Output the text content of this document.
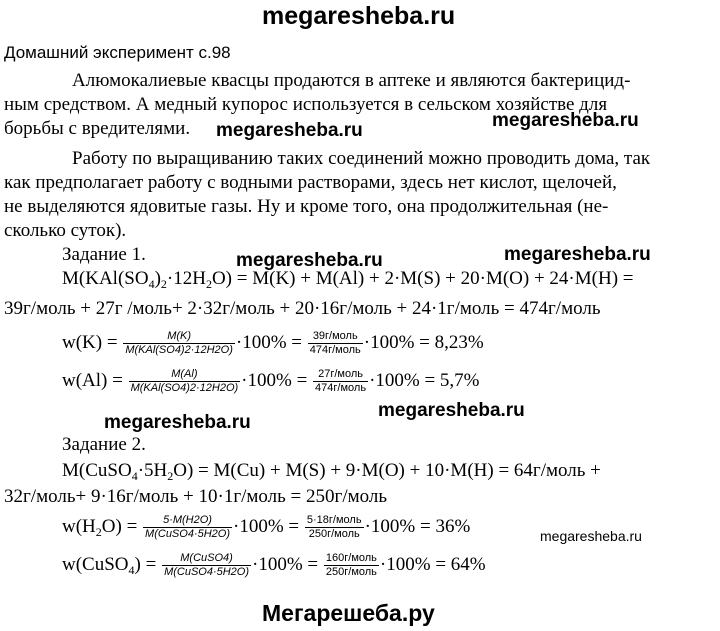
megaresheba.ru
megaresheba.ru	megaresheba.ru
megaresheba.ru	megaresheba.ru
megaresheba.ru
megaresheba.ru
megaresheba.ru
Мегарешеба.ру
Домашний эксперимент с.98
Алюмокалиевые квасцы продаются в аптеке и являются бактерицид-
ным средством. А медный купорос используется в сельском хозяйстве для
борьбы с вредителями.
Работу по выращиванию таких соединений можно проводить дома, так
как предполагает работу с водными растворами, здесь нет кислот, щелочей,
не выделяются ядовитые газы. Ну и кроме того, она продолжительная (не-
сколько суток).
Задание 1.
$M(KAl(SO_4)_2\cdot 12H_2O) = M(K) + M(Al) + 2\cdot M(S) + 20\cdot M(O) + 24\cdot M(H)$ =
39г/моль + 27г /моль+ 2·32г/моль + 20·16г/моль + 24·1г/моль = 474г/моль
$w(K) = \frac{M(K)}{\text{M(KAl(SO4)2·12H2O)}} \cdot 100\% = \frac{\text{39г/моль}}{\text{474г/моль}} \cdot 100\% = 8,23\%$
$w(Al) = \frac{M(Al)}{\text{M(KAl(SO4)2·12H2O)}} \cdot 100\% = \frac{\text{27г/моль}}{\text{474г/моль}} \cdot 100\% = 5,7\%$
Задание 2.
$M(CuSO_4\cdot 5H_2O) = M(Cu) + M(S) + 9\cdot M(O) + 10\cdot M(H)$ = 64г/моль +
32г/моль+ 9·16г/моль + 10·1г/моль = 250г/моль
$w(H_2O) = \frac{5\cdot M(H2O)}{\text{M(CuSO4·5H2O)}} \cdot 100\% = \frac{\text{5·18г/моль}}{\text{250г/моль}} \cdot 100\% = 36\%$
w(CuSO$_4$) = $\frac{\text{M(CuSO4)}}{\text{M(CuSO4·5H2O)}} \cdot 100\% = \frac{\text{160г/моль}}{\text{250г/моль}} \cdot 100\% = 64\%$
